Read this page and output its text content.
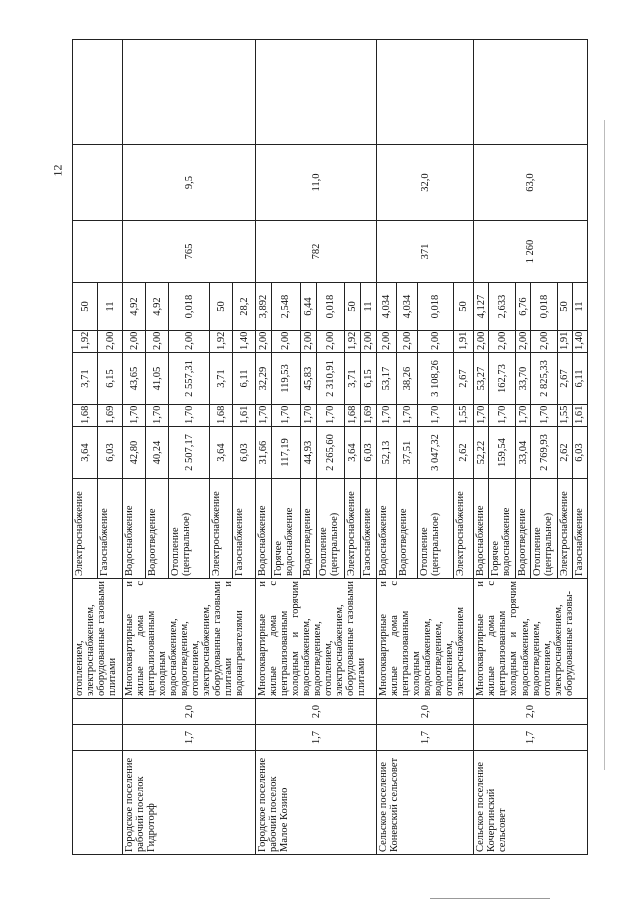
12
			отоплением, электроснабжением, оборудованные газовыми плитами	Электроснабжение	3,64	1,68	3,71	1,92	50			
				Газоснабжение	6,03	1,69	6,15	2,00	11			
Городское поселение рабочий поселок Гидроторф	1,7	2,0	Многоквартирные и жилые дома с централизованным холодным водоснабжением, водоотведением, отоплением, электроснабжением, оборудованные газовыми плитами и водонагревателями	Водоснабжение	42,80	1,70	43,65	2,00	4,92	765	9,5	
				Водоотведение	40,24	1,70	41,05	2,00	4,92			
				Отопление (центральное)	2 507,17	1,70	2 557,31	2,00	0,018			
				Электроснабжение	3,64	1,68	3,71	1,92	50			
				Газоснабжение	6,03	1,61	6,11	1,40	28,2			
Городское поселение рабочий поселок Малое Козино	1,7	2,0	Многоквартирные и жилые дома с централизованным холодным и горячим водоснабжением, водоотведением, отоплением, электроснабжением, оборудованные газовыми плитами	Водоснабжение	31,66	1,70	32,29	2,00	3,892	782	11,0	
				Горячее водоснабжение	117,19	1,70	119,53	2,00	2,548			
				Водоотведение	44,93	1,70	45,83	2,00	6,44			
				Отопление (центральное)	2 265,60	1,70	2 310,91	2,00	0,018			
				Электроснабжение	3,64	1,68	3,71	1,92	50			
				Газоснабжение	6,03	1,69	6,15	2,00	11			
Сельское поселение Коневский сельсовет	1,7	2,0	Многоквартирные и жилые дома с централизованным холодным водоснабжением, водоотведением, отоплением, электроснабжением	Водоснабжение	52,13	1,70	53,17	2,00	4,034	371	32,0	
				Водоотведение	37,51	1,70	38,26	2,00	4,034			
				Отопление (центральное)	3 047,32	1,70	3 108,26	2,00	0,018			
				Электроснабжение	2,62	1,55	2,67	1,91	50			
Сельское поселение Кочергинский сельсовет	1,7	2,0	Многоквартирные и жилые дома с централизованным холодным и горячим водоснабжением, водоотведением, отоплением, электроснабжением, оборудованные газовы-	Водоснабжение	52,22	1,70	53,27	2,00	4,127	1 260	63,0	
				Горячее водоснабжение	159,54	1,70	162,73	2,00	2,633			
				Водоотведение	33,04	1,70	33,70	2,00	6,76			
				Отопление (центральное)	2 769,93	1,70	2 825,33	2,00	0,018			
				Электроснабжение	2,62	1,55	2,67	1,91	50			
				Газоснабжение	6,03	1,61	6,11	1,40	11			
